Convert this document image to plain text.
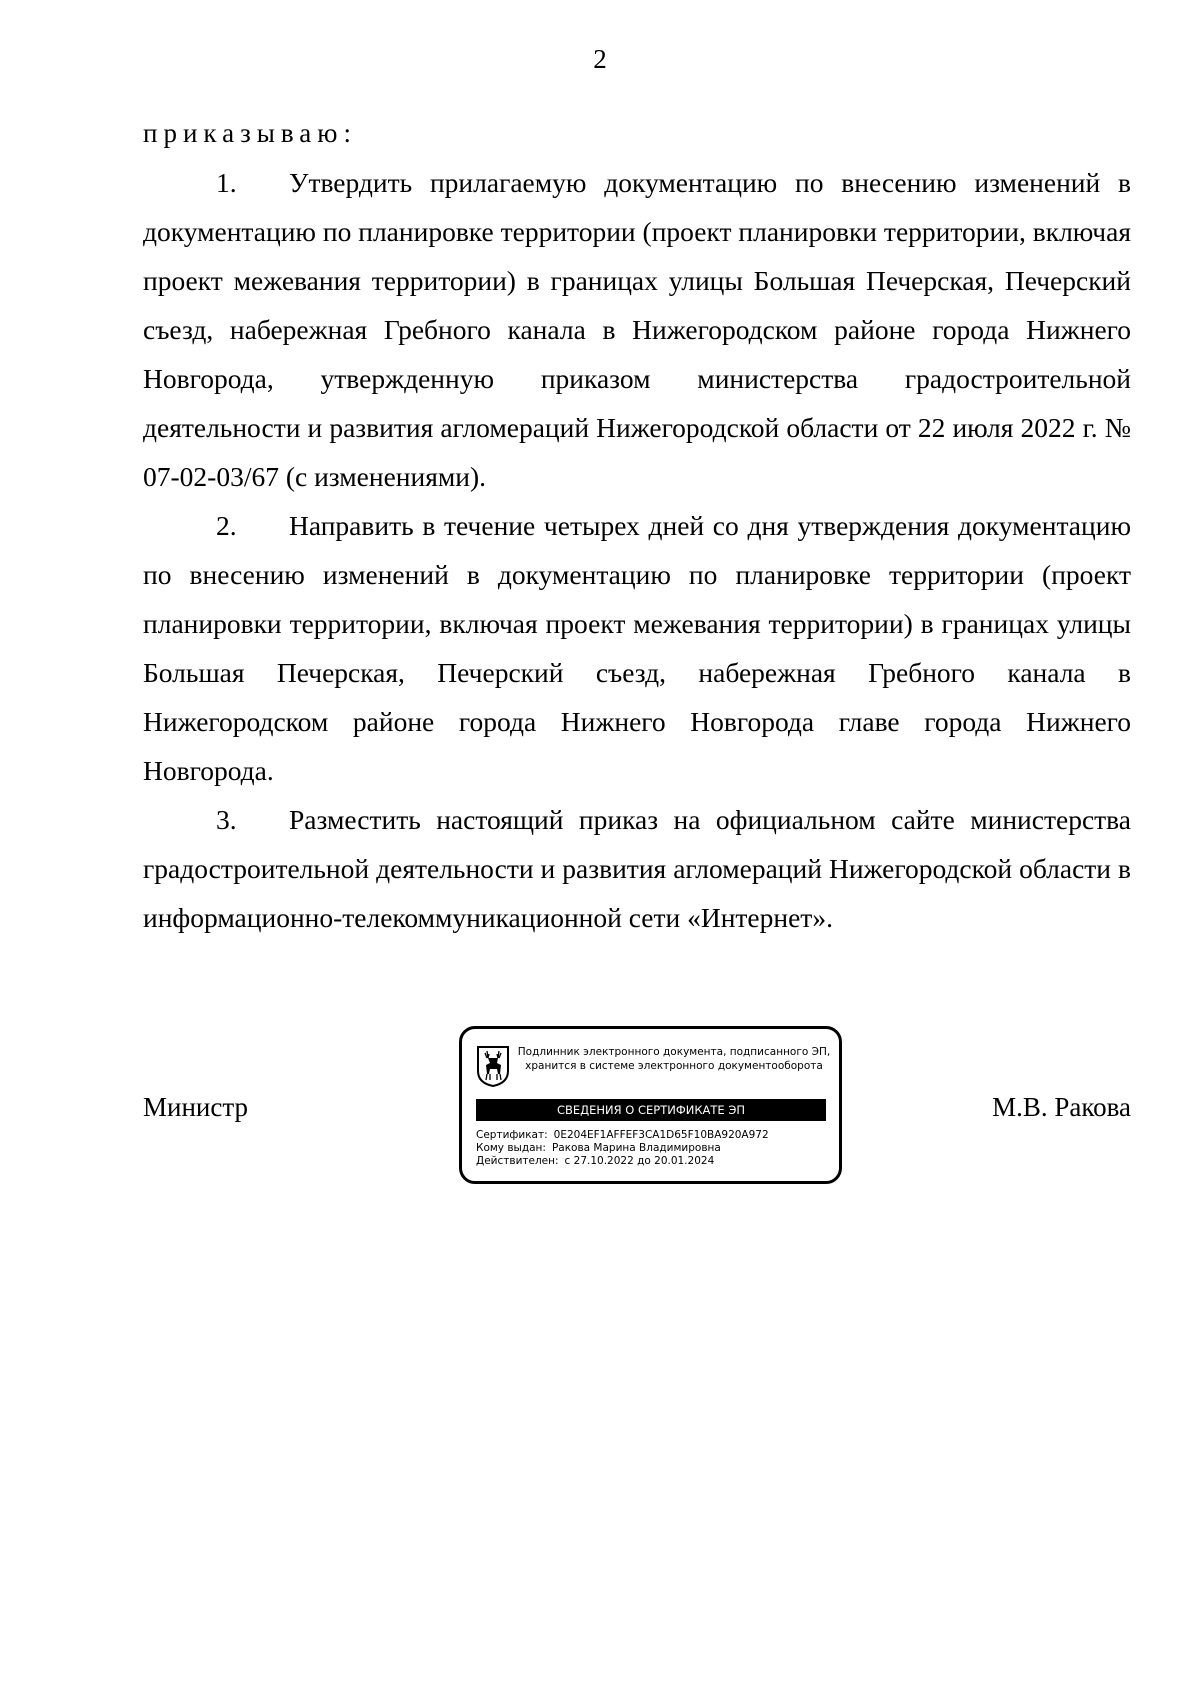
2
приказываю:

1. Утвердить прилагаемую документацию по внесению изменений в документацию по планировке территории (проект планировки территории, включая проект межевания территории) в границах улицы Большая Печерская, Печерский съезд, набережная Гребного канала в Нижегородском районе города Нижнего Новгорода, утвержденную приказом министерства градостроительной деятельности и развития агломераций Нижегородской области от 22 июля 2022 г. № 07-02-03/67 (с изменениями).

2. Направить в течение четырех дней со дня утверждения документацию по внесению изменений в документацию по планировке территории (проект планировки территории, включая проект межевания территории) в границах улицы Большая Печерская, Печерский съезд, набережная Гребного канала в Нижегородском районе города Нижнего Новгорода главе города Нижнего Новгорода.

3. Разместить настоящий приказ на официальном сайте министерства градостроительной деятельности и развития агломераций Нижегородской области в информационно-телекоммуникационной сети «Интернет».

Министр	М.В. Ракова
Подлинник электронного документа, подписанного ЭП,
хранится в системе электронного документооборота
СВЕДЕНИЯ О СЕРТИФИКАТЕ ЭП
Сертификат: 0E204EF1AFFEF3CA1D65F10BA920A972
Кому выдан: Ракова Марина Владимировна
Действителен: с 27.10.2022 до 20.01.2024
